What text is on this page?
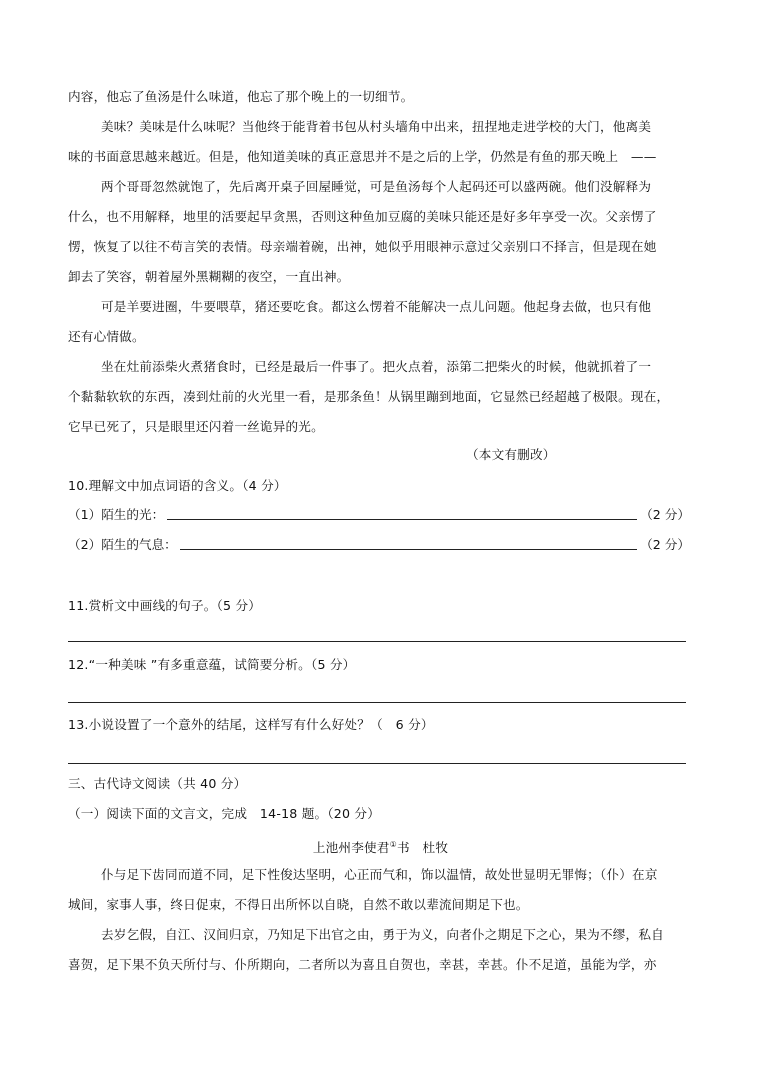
内容，他忘了鱼汤是什么味道，他忘了那个晚上的一切细节。
美味？美味是什么味呢？当他终于能背着书包从村头墙角中出来，扭捏地走进学校的大门，他离美
味的书面意思越来越近。但是，他知道美味的真正意思并不是之后的上学，仍然是有鱼的那天晚上　——
两个哥哥忽然就饱了，先后离开桌子回屋睡觉，可是鱼汤每个人起码还可以盛两碗。他们没解释为
什么，也不用解释，地里的活要起早贪黑，否则这种鱼加豆腐的美味只能还是好多年享受一次。父亲愣了
愣，恢复了以往不苟言笑的表情。母亲端着碗，出神，她似乎用眼神示意过父亲别口不择言，但是现在她
卸去了笑容，朝着屋外黑糊糊的夜空，一直出神。
可是羊要进圈，牛要喂草，猪还要吃食。都这么愣着不能解决一点儿问题。他起身去做，也只有他
还有心情做。
坐在灶前添柴火煮猪食时，已经是最后一件事了。把火点着，添第二把柴火的时候，他就抓着了一
个黏黏软软的东西，凑到灶前的火光里一看，是那条鱼！从锅里蹦到地面，它显然已经超越了极限。现在，
它早已死了，只是眼里还闪着一丝诡异的光。
（本文有删改）
10.理解文中加点词语的含义。（4 分）
（1）陌生的光：	（2 分）
（2）陌生的气息：	（2 分）
11.赏析文中画线的句子。（5 分）
12.“一种美味 ”有多重意蕴，试简要分析。（5 分）
13.小说设置了一个意外的结尾，这样写有什么好处？（　6 分）
三、古代诗文阅读（共 40 分）
（一）阅读下面的文言文，完成　14-18 题。（20 分）
上池州李使君①书　杜牧
仆与足下齿同而道不同，足下性俊达坚明，心正而气和，饰以温情，故处世显明无罪悔；（仆）在京
城间，家事人事，终日促束，不得日出所怀以自晓，自然不敢以辈流间期足下也。
去岁乞假，自江、汉间归京，乃知足下出官之由，勇于为义，向者仆之期足下之心，果为不缪，私自
喜贺，足下果不负天所付与、仆所期向，二者所以为喜且自贺也，幸甚，幸甚。仆不足道，虽能为学，亦
